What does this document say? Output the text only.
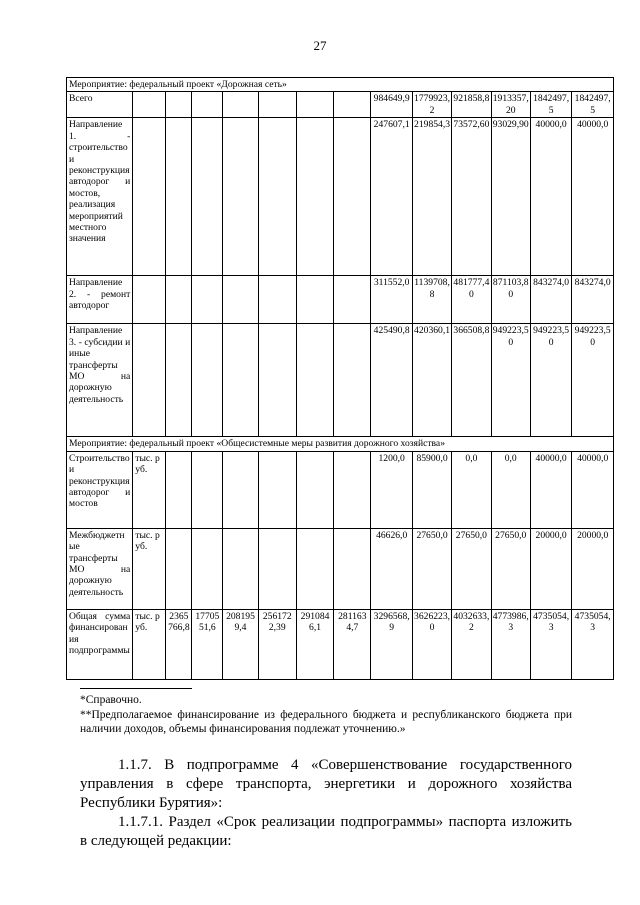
27
Мероприятие: федеральный проект «Дорожная сеть»													
Всего								984649,9	1779923,2	921858,8	1913357,20	1842497,5	1842497,5
Направление 1. - строительство и реконструкция автодорог и мостов, реализация мероприятий местного значения								247607,1	219854,3	73572,60	93029,90	40000,0	40000,0
Направление 2. - ремонт автодорог								311552,0	1139708,8	481777,40	871103,80	843274,0	843274,0
Направление 3. - субсидии и иные трансферты МО на дорожную деятельность								425490,8	420360,1	366508,8	949223,50	949223,50	949223,50
Мероприятие: федеральный проект «Общесистемные меры развития дорожного хозяйства»													
Строительство и реконструкция автодорог и мостов	тыс. руб.							1200,0	85900,0	0,0	0,0	40000,0	40000,0
Межбюджетные трансферты МО на дорожную деятельность	тыс. руб.							46626,0	27650,0	27650,0	27650,0	20000,0	20000,0
Общая сумма финансирования подпрограммы	тыс. руб.	2365766,8	1770551,6	2081959,4	2561722,39	2910846,1	2811634,7	3296568,9	3626223,0	4032633,2	4773986,3	4735054,3	4735054,3

*Справочно.

**Предполагаемое финансирование из федерального бюджета и республиканского бюджета при наличии доходов, объемы финансирования подлежат уточнению.»

1.1.7. В подпрограмме 4 «Совершенствование государственного управления в сфере транспорта, энергетики и дорожного хозяйства Республики Бурятия»:

1.1.7.1. Раздел «Срок реализации подпрограммы» паспорта изложить в следующей редакции:
